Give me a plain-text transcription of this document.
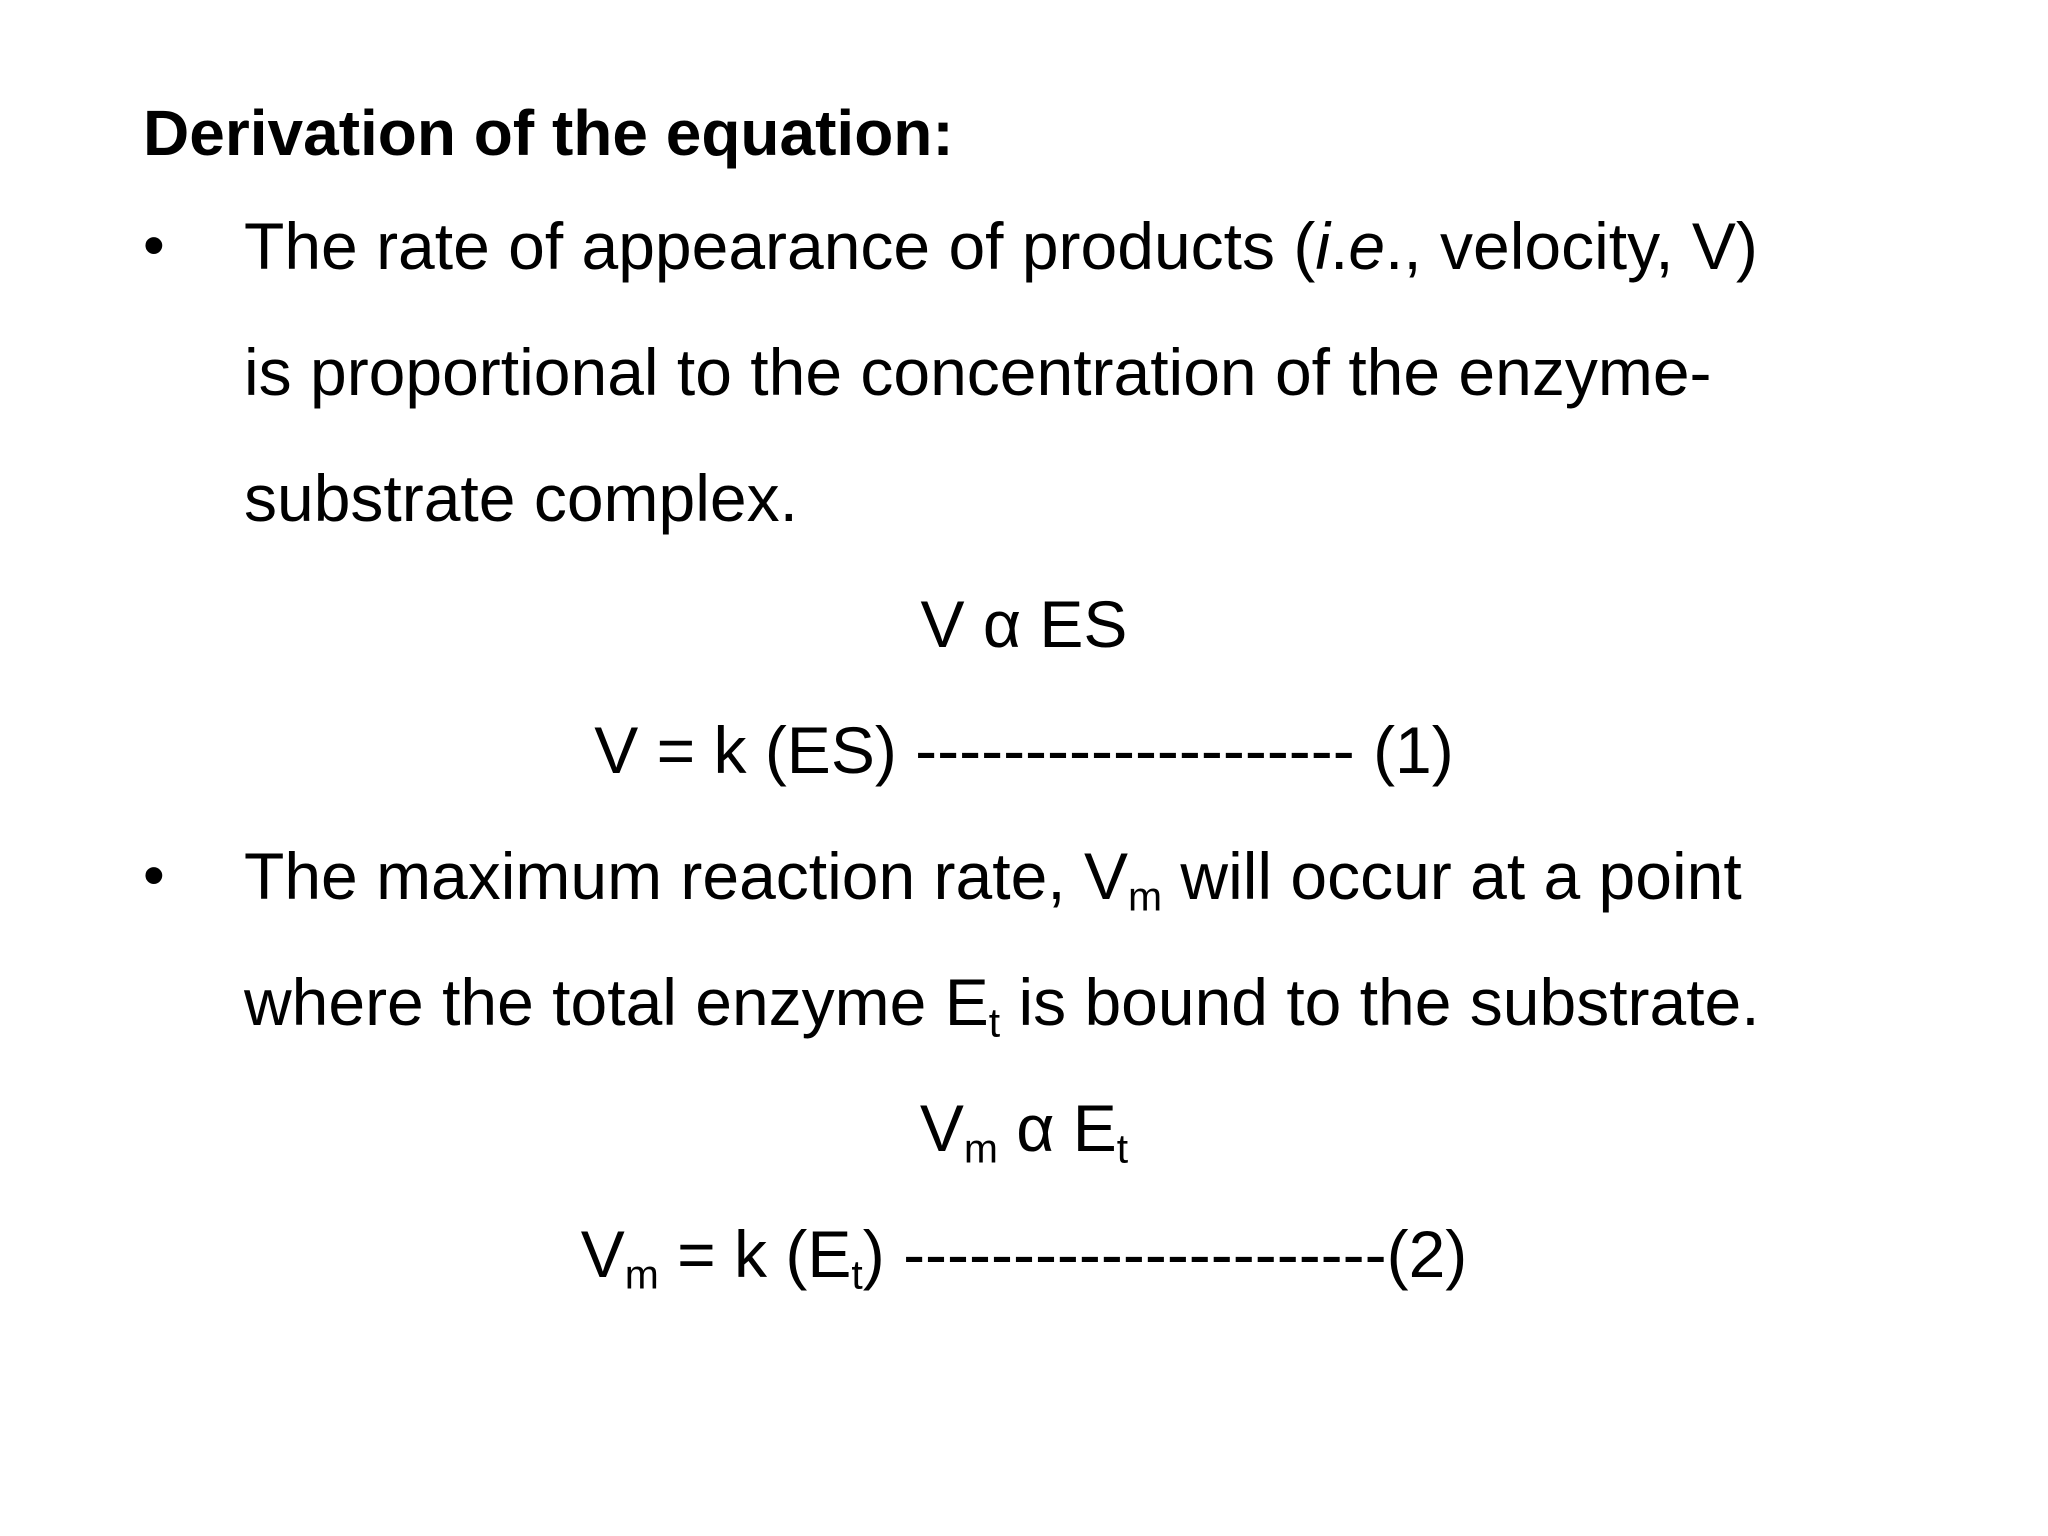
Derivation of the equation:
• The rate of appearance of products (i.e., velocity, V)
is proportional to the concentration of the enzyme-
substrate complex.
V α ES
V = k (ES) -------------------- (1)
• The maximum reaction rate, $V_m$ will occur at a point
where the total enzyme $E_t$ is bound to the substrate.
$V_m$ α $E_t$
$V_m = k$ $(E_t)$ ----------------------(2)
